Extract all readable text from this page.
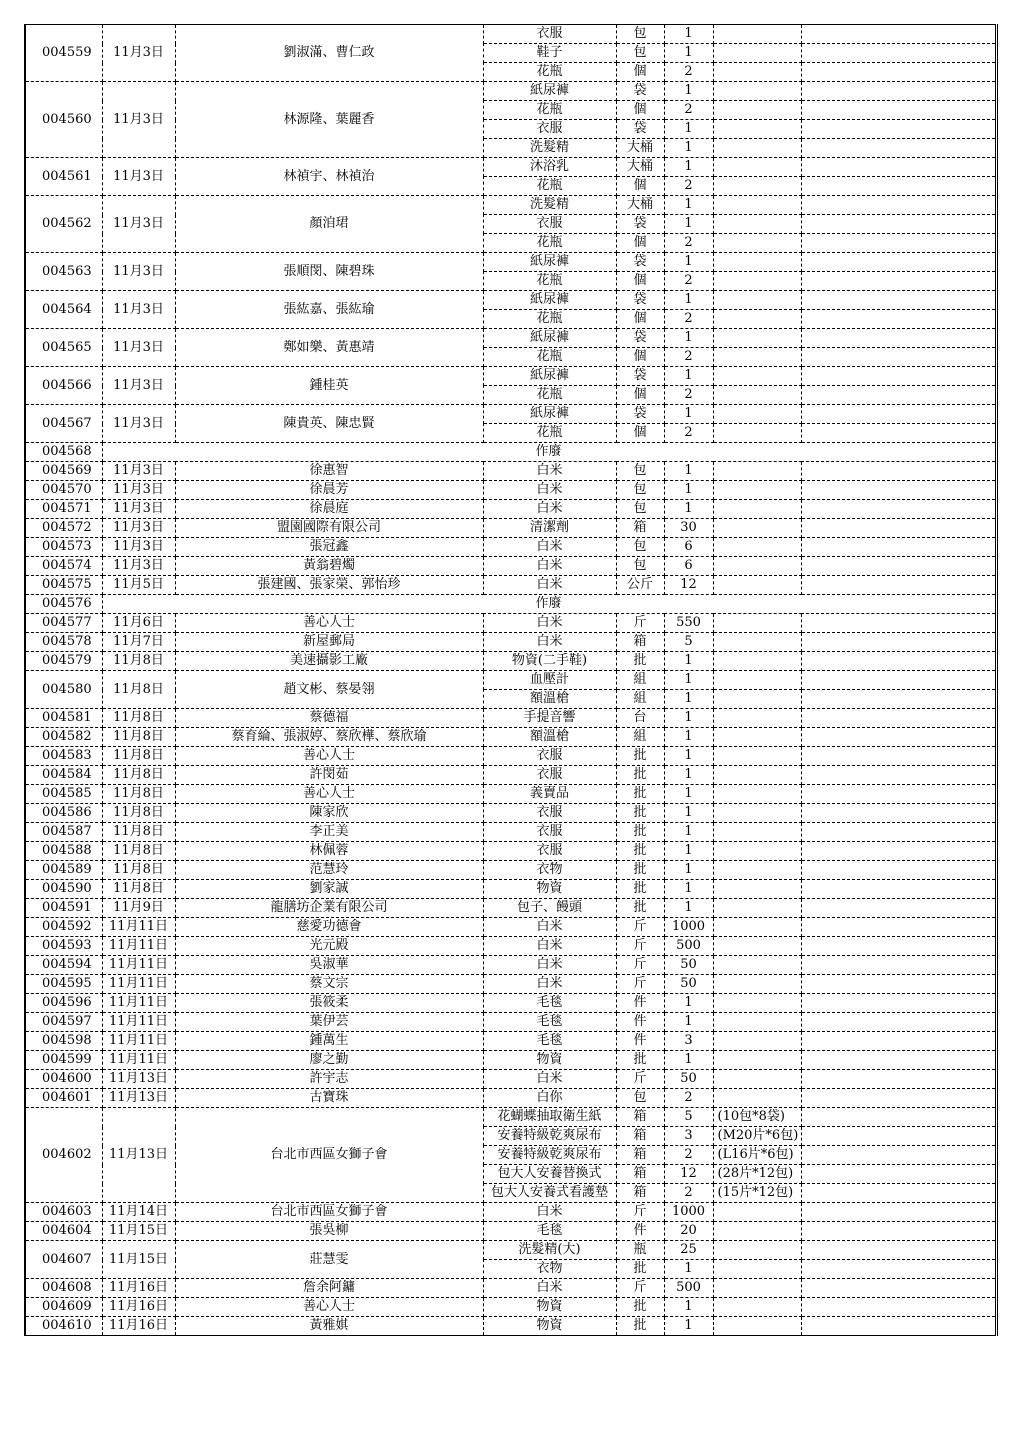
004559	11月3日	劉淑滿、曹仁政	衣服	包	1		
			鞋子	包	1		
			花瓶	個	2		
004560	11月3日	林源隆、葉麗香	紙尿褲	袋	1		
			花瓶	個	2		
			衣服	袋	1		
			洗髮精	大桶	1		
004561	11月3日	林禎宇、林禎治	沐浴乳	大桶	1		
			花瓶	個	2		
004562	11月3日	顏洎珺	洗髮精	大桶	1		
			衣服	袋	1		
			花瓶	個	2		
004563	11月3日	張順閔、陳碧珠	紙尿褲	袋	1		
			花瓶	個	2		
004564	11月3日	張紘嘉、張紘瑜	紙尿褲	袋	1		
			花瓶	個	2		
004565	11月3日	鄭如樂、黃惠靖	紙尿褲	袋	1		
			花瓶	個	2		
004566	11月3日	鍾桂英	紙尿褲	袋	1		
			花瓶	個	2		
004567	11月3日	陳貴英、陳忠賢	紙尿褲	袋	1		
			花瓶	個	2		
004568	作廢						
004569	11月3日	徐惠智	白米	包	1		
004570	11月3日	徐晨芳	白米	包	1		
004571	11月3日	徐晨庭	白米	包	1		
004572	11月3日	盟園國際有限公司	清潔劑	箱	30		
004573	11月3日	張冠鑫	白米	包	6		
004574	11月3日	黃翁碧燭	白米	包	6		
004575	11月5日	張建國、張家榮、郭怡珍	白米	公斤	12		
004576	作廢						
004577	11月6日	善心人士	白米	斤	550		
004578	11月7日	新屋郵局	白米	箱	5		
004579	11月8日	美速攝影工廠	物資(二手鞋)	批	1		
004580	11月8日	趙文彬、蔡晏翎	血壓計	組	1		
			額溫槍	組	1		
004581	11月8日	蔡德福	手提音響	台	1		
004582	11月8日	蔡育綸、張淑婷、蔡欣樺、蔡欣瑜	額溫槍	組	1		
004583	11月8日	善心人士	衣服	批	1		
004584	11月8日	許閔茹	衣服	批	1		
004585	11月8日	善心人士	義賣品	批	1		
004586	11月8日	陳家欣	衣服	批	1		
004587	11月8日	李正美	衣服	批	1		
004588	11月8日	林佩蓉	衣服	批	1		
004589	11月8日	范慧玲	衣物	批	1		
004590	11月8日	劉家誠	物資	批	1		
004591	11月9日	龍膳坊企業有限公司	包子、饅頭	批	1		
004592	11月11日	慈愛功德會	白米	斤	1000		
004593	11月11日	光元殿	白米	斤	500		
004594	11月11日	吳淑華	白米	斤	50		
004595	11月11日	蔡文宗	白米	斤	50		
004596	11月11日	張筱柔	毛毯	件	1		
004597	11月11日	葉伊芸	毛毯	件	1		
004598	11月11日	鍾萬生	毛毯	件	3		
004599	11月11日	廖之勤	物資	批	1		
004600	11月13日	許宇志	白米	斤	50		
004601	11月13日	古寶珠	白你	包	2		
004602	11月13日	台北市西區女獅子會	花蝴蝶抽取衛生紙	箱	5	(10包*8袋)	
			安養特級乾爽尿布	箱	3	(M20片*6包)	
			安養特級乾爽尿布	箱	2	(L16片*6包)	
			包大人安養替換式	箱	12	(28片*12包)	
			包大人安養式看護墊	箱	2	(15片*12包)	
004603	11月14日	台北市西區女獅子會	白米	斤	1000		
004604	11月15日	張吳柳	毛毯	件	20		
004607	11月15日	莊慧雯	洗髮精(大)	瓶	25		
			衣物	批	1		
004608	11月16日	詹余阿鏞	白米	斤	500		
004609	11月16日	善心人士	物資	批	1		
004610	11月16日	黃雅娸	物資	批	1		
